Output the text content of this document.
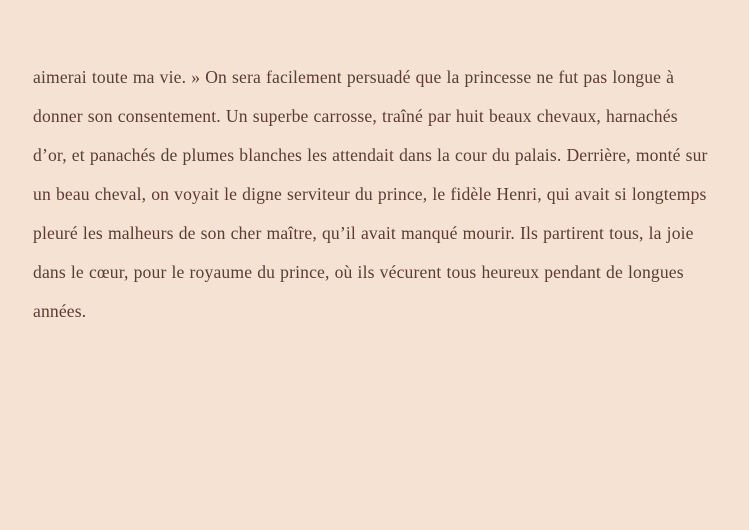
aimerai toute ma vie. » On sera facilement persuadé que la princesse ne fut pas longue à donner son consentement. Un superbe carrosse, traîné par huit beaux chevaux, harnachés d’or, et panachés de plumes blanches les attendait dans la cour du palais. Derrière, monté sur un beau cheval, on voyait le digne serviteur du prince, le fidèle Henri, qui avait si longtemps pleuré les malheurs de son cher maître, qu’il avait manqué mourir. Ils partirent tous, la joie dans le cœur, pour le royaume du prince, où ils vécurent tous heureux pendant de longues années.
